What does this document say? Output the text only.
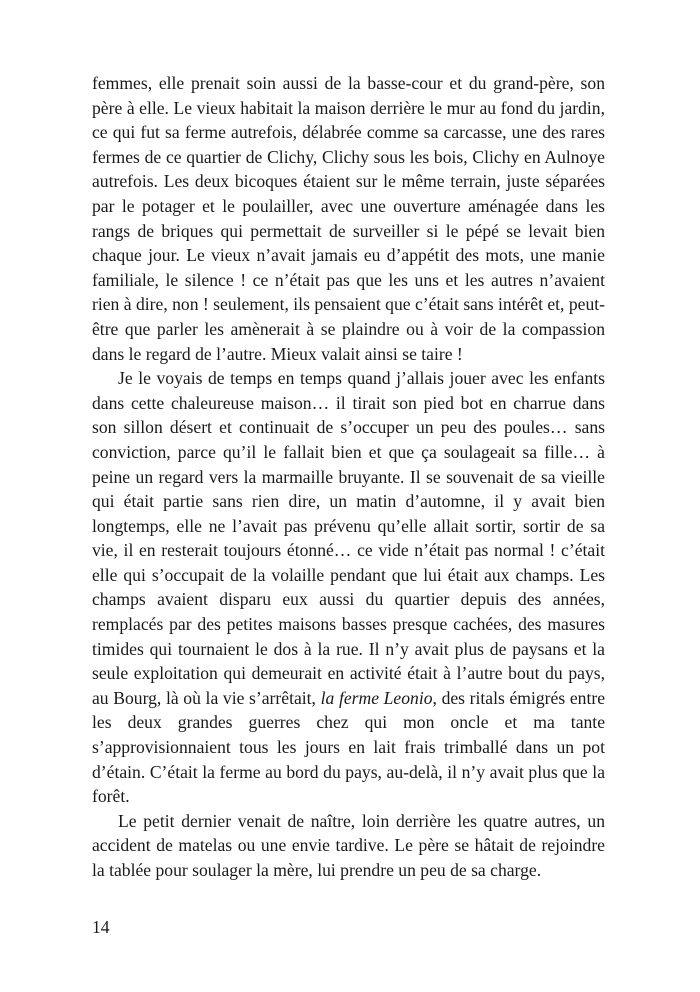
femmes, elle prenait soin aussi de la basse-cour et du grand-père, son père à elle. Le vieux habitait la maison derrière le mur au fond du jardin, ce qui fut sa ferme autrefois, délabrée comme sa carcasse, une des rares fermes de ce quartier de Clichy, Clichy sous les bois, Clichy en Aulnoye autrefois. Les deux bicoques étaient sur le même terrain, juste séparées par le potager et le poulailler, avec une ouverture aménagée dans les rangs de briques qui permettait de surveiller si le pépé se levait bien chaque jour. Le vieux n’avait jamais eu d’appétit des mots, une manie familiale, le silence ! ce n’était pas que les uns et les autres n’avaient rien à dire, non ! seulement, ils pensaient que c’était sans intérêt et, peut-être que parler les amènerait à se plaindre ou à voir de la compassion dans le regard de l’autre. Mieux valait ainsi se taire !

Je le voyais de temps en temps quand j’allais jouer avec les enfants dans cette chaleureuse maison… il tirait son pied bot en charrue dans son sillon désert et continuait de s’occuper un peu des poules… sans conviction, parce qu’il le fallait bien et que ça soulageait sa fille… à peine un regard vers la marmaille bruyante. Il se souvenait de sa vieille qui était partie sans rien dire, un matin d’automne, il y avait bien longtemps, elle ne l’avait pas prévenu qu’elle allait sortir, sortir de sa vie, il en resterait toujours étonné… ce vide n’était pas normal ! c’était elle qui s’occupait de la volaille pendant que lui était aux champs. Les champs avaient disparu eux aussi du quartier depuis des années, remplacés par des petites maisons basses presque cachées, des masures timides qui tournaient le dos à la rue. Il n’y avait plus de paysans et la seule exploitation qui demeurait en activité était à l’autre bout du pays, au Bourg, là où la vie s’arrêtait, la ferme Leonio, des ritals émigrés entre les deux grandes guerres chez qui mon oncle et ma tante s’approvisionnaient tous les jours en lait frais trimballé dans un pot d’étain. C’était la ferme au bord du pays, au-delà, il n’y avait plus que la forêt.

Le petit dernier venait de naître, loin derrière les quatre autres, un accident de matelas ou une envie tardive. Le père se hâtait de rejoindre la tablée pour soulager la mère, lui prendre un peu de sa charge.

14
